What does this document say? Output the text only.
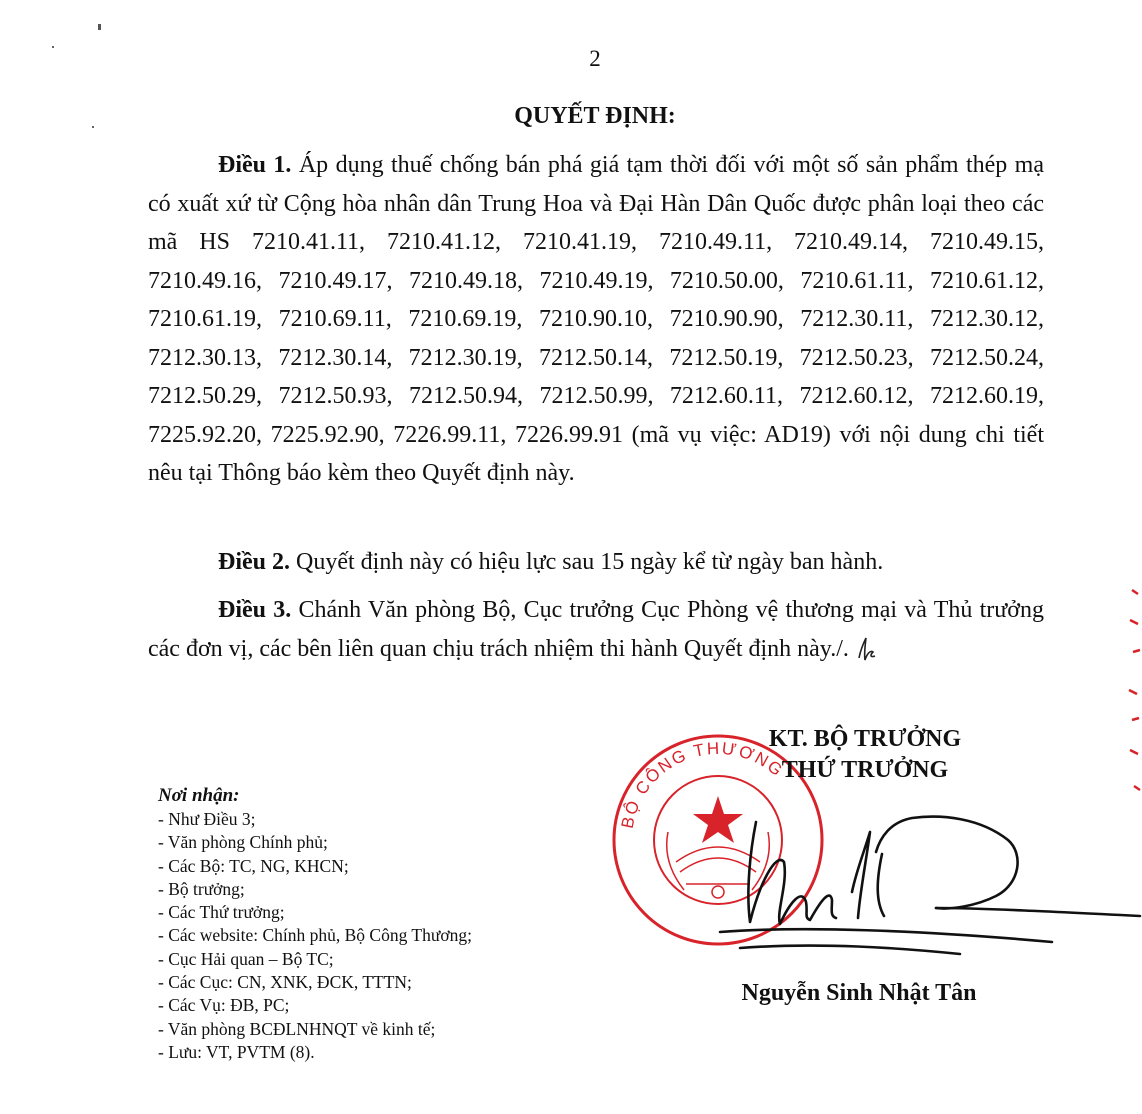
2
QUYẾT ĐỊNH:

Điều 1. Áp dụng thuế chống bán phá giá tạm thời đối với một số sản phẩm thép mạ có xuất xứ từ Cộng hòa nhân dân Trung Hoa và Đại Hàn Dân Quốc được phân loại theo các mã HS 7210.41.11, 7210.41.12, 7210.41.19, 7210.49.11, 7210.49.14, 7210.49.15, 7210.49.16, 7210.49.17, 7210.49.18, 7210.49.19, 7210.50.00, 7210.61.11, 7210.61.12, 7210.61.19, 7210.69.11, 7210.69.19, 7210.90.10, 7210.90.90, 7212.30.11, 7212.30.12, 7212.30.13, 7212.30.14, 7212.30.19, 7212.50.14, 7212.50.19, 7212.50.23, 7212.50.24, 7212.50.29, 7212.50.93, 7212.50.94, 7212.50.99, 7212.60.11, 7212.60.12, 7212.60.19, 7225.92.20, 7225.92.90, 7226.99.11, 7226.99.91 (mã vụ việc: AD19) với nội dung chi tiết nêu tại Thông báo kèm theo Quyết định này.

Điều 2. Quyết định này có hiệu lực sau 15 ngày kể từ ngày ban hành.

Điều 3. Chánh Văn phòng Bộ, Cục trưởng Cục Phòng vệ thương mại và Thủ trưởng các đơn vị, các bên liên quan chịu trách nhiệm thi hành Quyết định này./.

Nơi nhận:
- Như Điều 3;
- Văn phòng Chính phủ;
- Các Bộ: TC, NG, KHCN;
- Bộ trưởng;
- Các Thứ trưởng;
- Các website: Chính phủ, Bộ Công Thương;
- Cục Hải quan – Bộ TC;
- Các Cục: CN, XNK, ĐCK, TTTN;
- Các Vụ: ĐB, PC;
- Văn phòng BCĐLNHNQT về kinh tế;
- Lưu: VT, PVTM (8).
BỘ CÔNG THƯƠNG
KT. BỘ TRƯỞNG
THỨ TRƯỞNG
Nguyễn Sinh Nhật Tân
